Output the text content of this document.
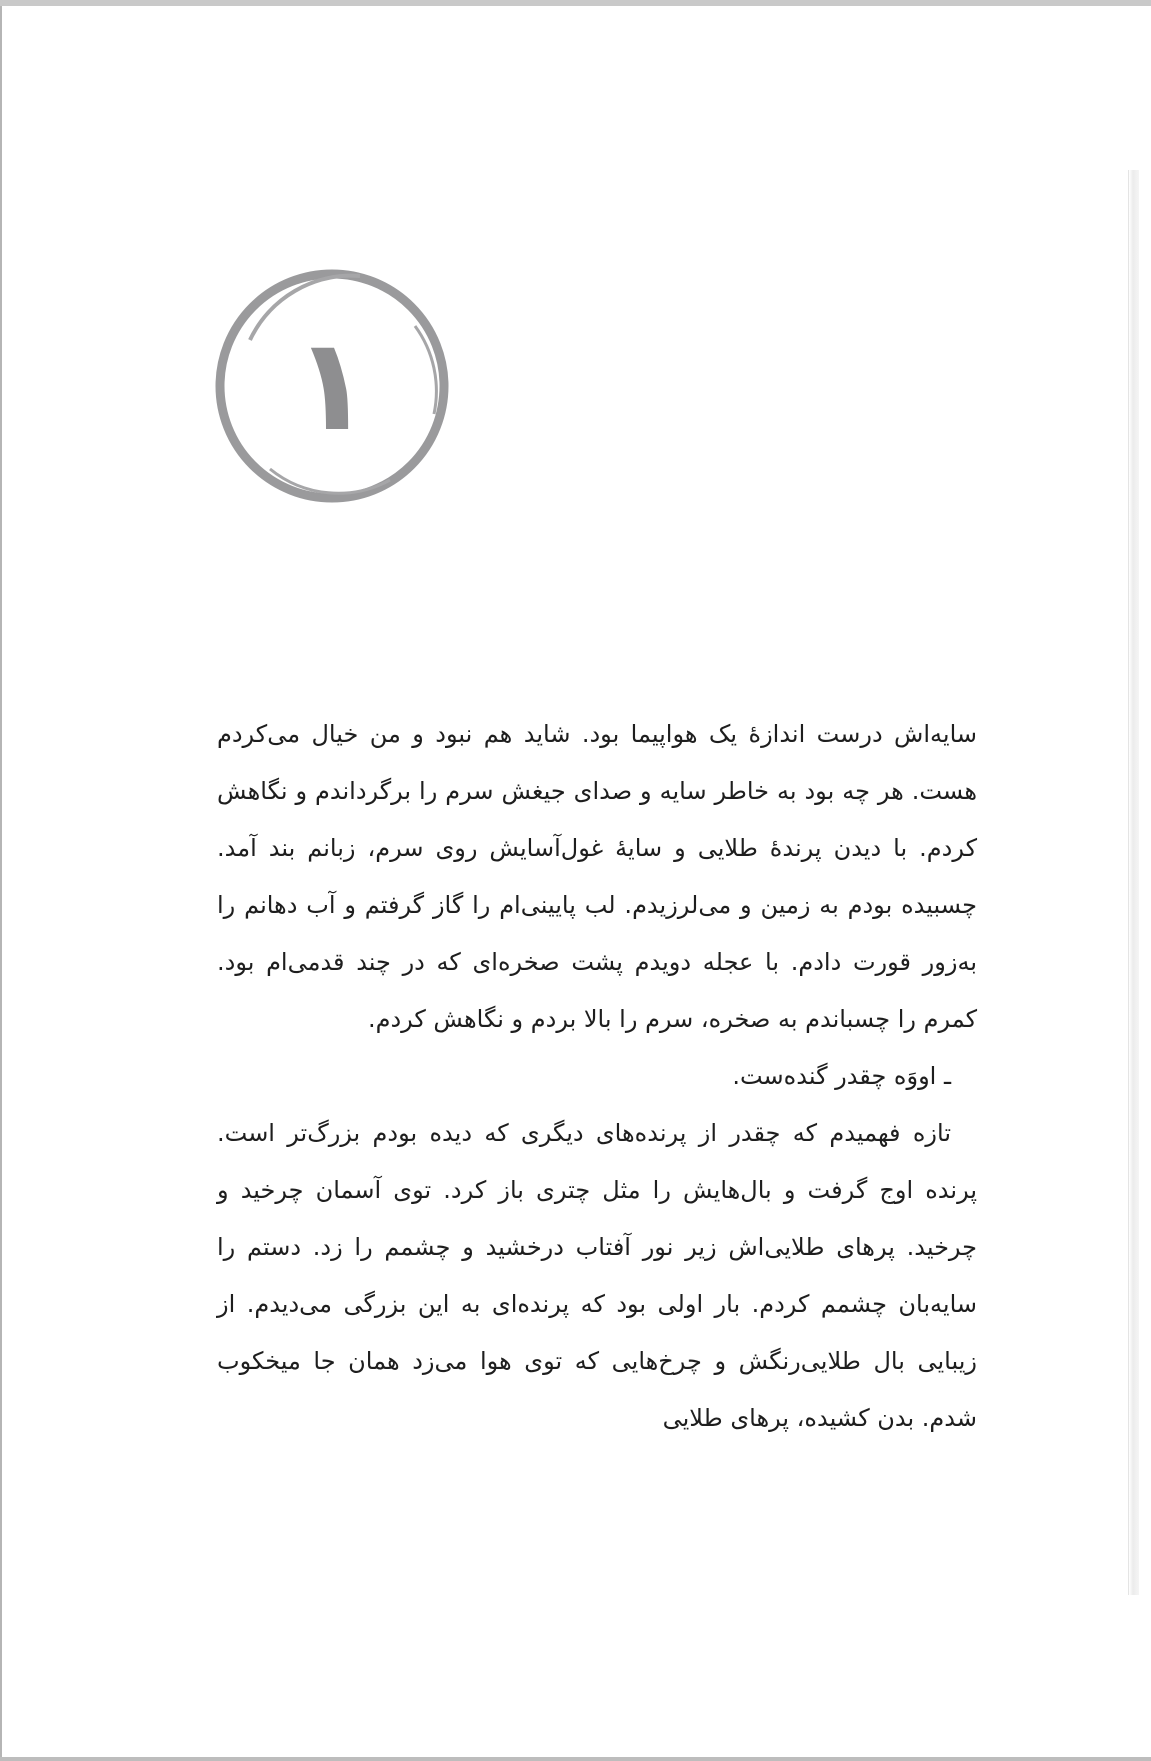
۱

سایه‌اش درست اندازهٔ یک هواپیما بود. شاید هم نبود و من خیال می‌کردم هست. هر چه بود به خاطر سایه و صدای جیغش سرم را برگرداندم و نگاهش کردم. با دیدن پرندهٔ طلایی و سایهٔ غول‌آسایش روی سرم، زبانم بند آمد. چسبیده بودم به زمین و می‌لرزیدم. لب پایینی‌ام را گاز گرفتم و آب دهانم را به‌زور قورت دادم. با عجله دویدم پشت صخره‌ای که در چند قدمی‌ام بود. کمرم را چسباندم به صخره، سرم را بالا بردم و نگاهش کردم.

ـ اووَه چقدر گنده‌ست.

تازه فهمیدم که چقدر از پرنده‌های دیگری که دیده بودم بزرگ‌تر است. پرنده اوج گرفت و بال‌هایش را مثل چتری باز کرد. توی آسمان چرخید و چرخید. پرهای طلایی‌اش زیر نور آفتاب درخشید و چشمم را زد. دستم را سایه‌بان چشمم کردم. بار اولی بود که پرنده‌ای به این بزرگی می‌دیدم. از زیبایی بال طلایی‌رنگش و چرخ‌هایی که توی هوا می‌زد همان جا میخکوب شدم. بدن کشیده، پرهای طلایی
